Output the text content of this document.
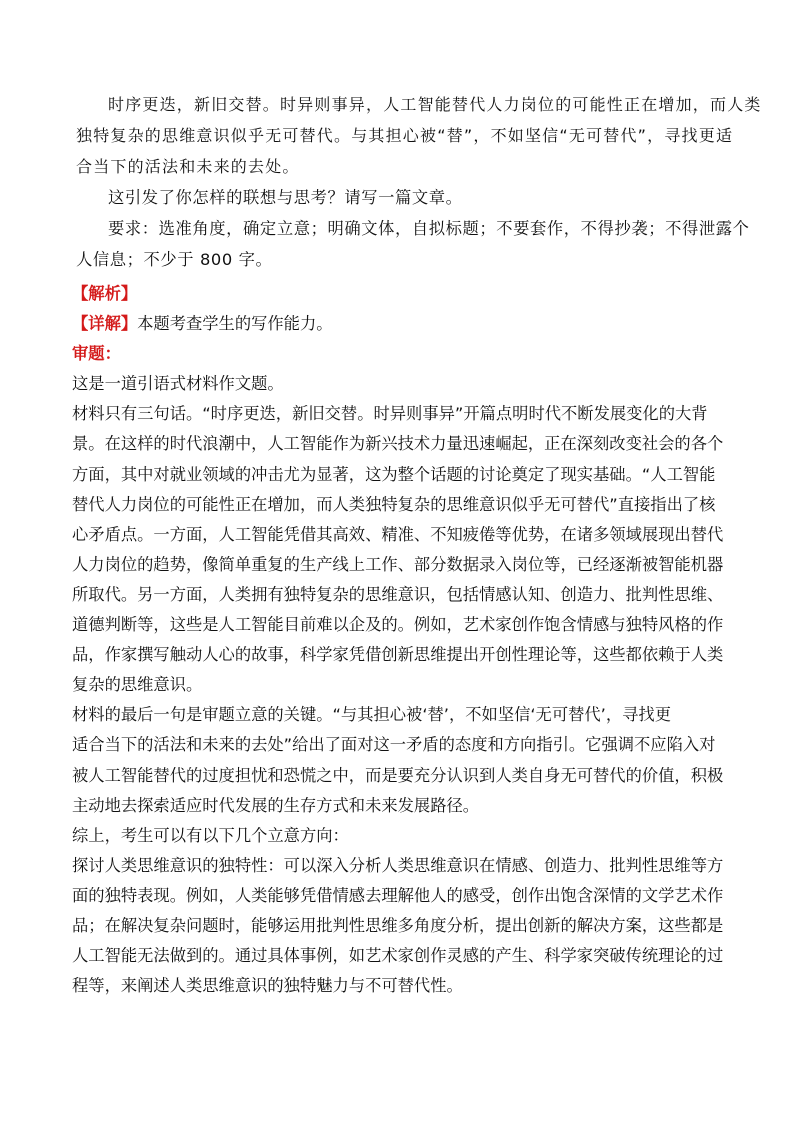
时序更迭，新旧交替。时异则事异，人工智能替代人力岗位的可能性正在增加，而人类
独特复杂的思维意识似乎无可替代。与其担心被“替”，不如坚信“无可替代”，寻找更适
合当下的活法和未来的去处。
这引发了你怎样的联想与思考？请写一篇文章。
要求：选准角度，确定立意；明确文体，自拟标题；不要套作，不得抄袭；不得泄露个
人信息；不少于 800 字。
【解析】
【详解】本题考查学生的写作能力。
审题：
这是一道引语式材料作文题。
材料只有三句话。“时序更迭，新旧交替。时异则事异”开篇点明时代不断发展变化的大背
景。在这样的时代浪潮中，人工智能作为新兴技术力量迅速崛起，正在深刻改变社会的各个
方面，其中对就业领域的冲击尤为显著，这为整个话题的讨论奠定了现实基础。“人工智能
替代人力岗位的可能性正在增加，而人类独特复杂的思维意识似乎无可替代”直接指出了核
心矛盾点。一方面，人工智能凭借其高效、精准、不知疲倦等优势，在诸多领域展现出替代
人力岗位的趋势，像简单重复的生产线上工作、部分数据录入岗位等，已经逐渐被智能机器
所取代。另一方面，人类拥有独特复杂的思维意识，包括情感认知、创造力、批判性思维、
道德判断等，这些是人工智能目前难以企及的。例如，艺术家创作饱含情感与独特风格的作
品，作家撰写触动人心的故事，科学家凭借创新思维提出开创性理论等，这些都依赖于人类
复杂的思维意识。
材料的最后一句是审题立意的关键。“与其担心被‘替’，不如坚信‘无可替代’，寻找更
适合当下的活法和未来的去处”给出了面对这一矛盾的态度和方向指引。它强调不应陷入对
被人工智能替代的过度担忧和恐慌之中，而是要充分认识到人类自身无可替代的价值，积极
主动地去探索适应时代发展的生存方式和未来发展路径。
综上，考生可以有以下几个立意方向：
探讨人类思维意识的独特性：可以深入分析人类思维意识在情感、创造力、批判性思维等方
面的独特表现。例如，人类能够凭借情感去理解他人的感受，创作出饱含深情的文学艺术作
品；在解决复杂问题时，能够运用批判性思维多角度分析，提出创新的解决方案，这些都是
人工智能无法做到的。通过具体事例，如艺术家创作灵感的产生、科学家突破传统理论的过
程等，来阐述人类思维意识的独特魅力与不可替代性。
